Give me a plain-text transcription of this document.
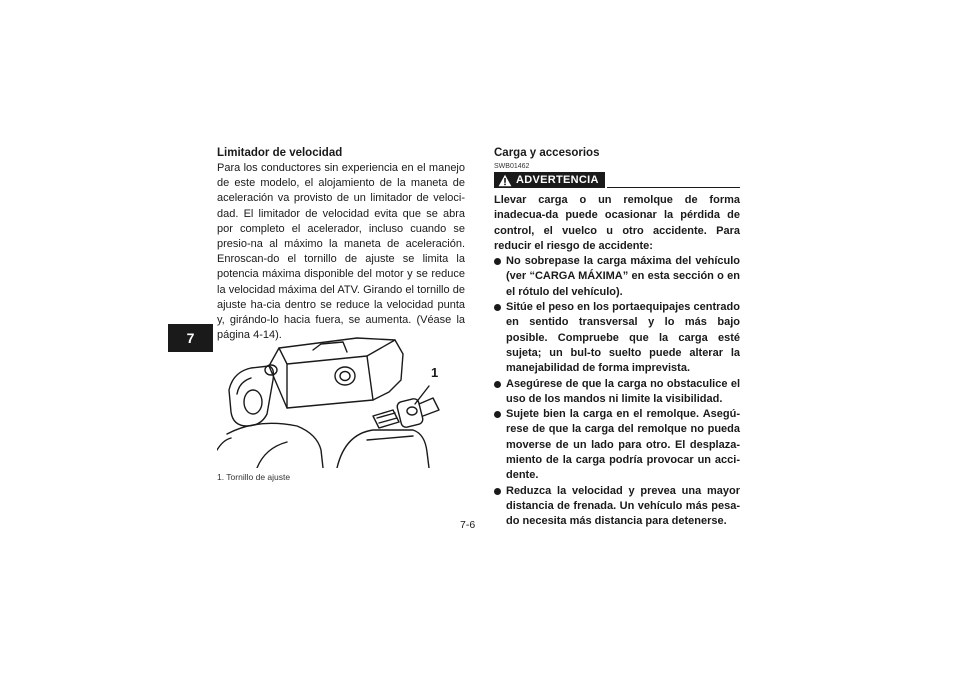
7

Limitador de velocidad

Para los conductores sin experiencia en el manejo de este modelo, el alojamiento de la maneta de aceleración va provisto de un limitador de veloci-dad. El limitador de velocidad evita que se abra por completo el acelerador, incluso cuando se presio-na al máximo la maneta de aceleración. Enroscan-do el tornillo de ajuste se limita la potencia máxima disponible del motor y se reduce la velocidad máxima del ATV. Girando el tornillo de ajuste ha-cia dentro se reduce la velocidad punta y, girándo-lo hacia fuera, se aumenta. (Véase la página 4-14).

1
1. Tornillo de ajuste

Carga y accesorios

SWB01462
ADVERTENCIA

Llevar carga o un remolque de forma inadecua-da puede ocasionar la pérdida de control, el vuelco u otro accidente. Para reducir el riesgo de accidente:

No sobrepase la carga máxima del vehículo (ver “CARGA MÁXIMA” en esta sección o en el rótulo del vehículo).
Sitúe el peso en los portaequipajes centrado en sentido transversal y lo más bajo posible. Compruebe que la carga esté sujeta; un bul-to suelto puede alterar la manejabilidad de forma imprevista.
Asegúrese de que la carga no obstaculice el uso de los mandos ni limite la visibilidad.
Sujete bien la carga en el remolque. Asegú-rese de que la carga del remolque no pueda moverse de un lado para otro. El desplaza-miento de la carga podría provocar un acci-dente.
Reduzca la velocidad y prevea una mayor distancia de frenada. Un vehículo más pesa-do necesita más distancia para detenerse.
7-6
